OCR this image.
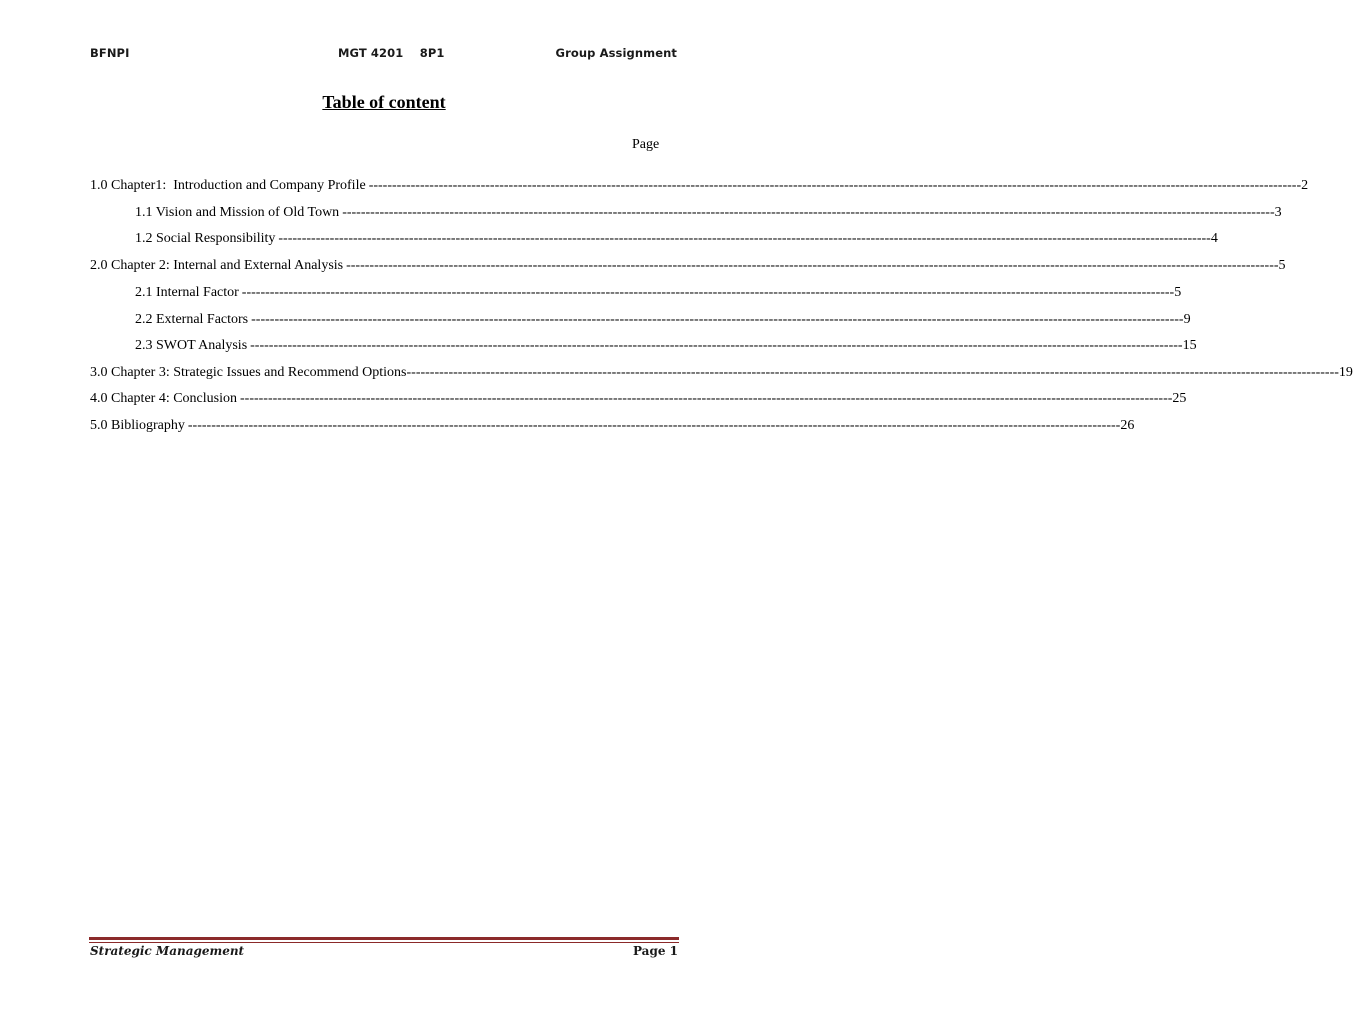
BFNPI	MGT 4201    8P1	Group Assignment
Table of content
Page
1.0 Chapter1:  Introduction and Company Profile -------------------------------------------------------------------------------------------------------------------------------------------------------------------------------------------------------- 2
1.1 Vision and Mission of Old Town -------------------------------------------------------------------------------------------------------------------------------------------------------------------------------------------------------- 3
1.2 Social Responsibility -------------------------------------------------------------------------------------------------------------------------------------------------------------------------------------------------------- 4
2.0 Chapter 2: Internal and External Analysis -------------------------------------------------------------------------------------------------------------------------------------------------------------------------------------------------------- 5
2.1 Internal Factor -------------------------------------------------------------------------------------------------------------------------------------------------------------------------------------------------------- 5
2.2 External Factors -------------------------------------------------------------------------------------------------------------------------------------------------------------------------------------------------------- 9
2.3 SWOT Analysis -------------------------------------------------------------------------------------------------------------------------------------------------------------------------------------------------------- 15
3.0 Chapter 3: Strategic Issues and Recommend Options -------------------------------------------------------------------------------------------------------------------------------------------------------------------------------------------------------- 19
4.0 Chapter 4: Conclusion -------------------------------------------------------------------------------------------------------------------------------------------------------------------------------------------------------- 25
5.0 Bibliography -------------------------------------------------------------------------------------------------------------------------------------------------------------------------------------------------------- 26
Strategic Management	Page 1
